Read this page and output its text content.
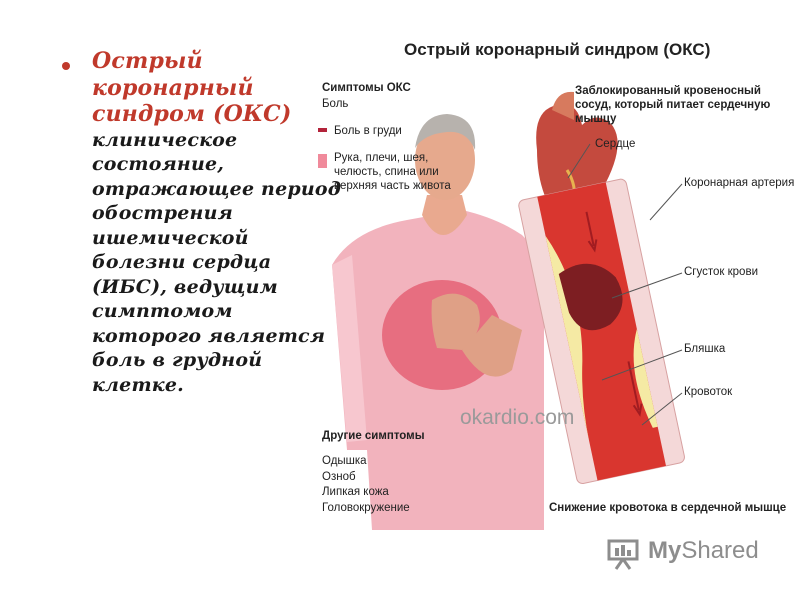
Острый коронарный синдром (ОКС) клиническое состояние, отражающее период обострения ишемической болезни сердца (ИБС), ведущим симптомом которого является боль в грудной клетке.
Острый коронарный синдром (ОКС)
Симптомы ОКС
Боль
Боль в груди
Рука, плечи, шея, челюсть, спина или верхняя часть живота
Другие симптомы
Одышка
Озноб
Липкая кожа
Головокружение
Заблокированный кровеносный сосуд, который питает сердечную мышцу
Сердце
Коронарная артерия
Сгусток крови
Бляшка
Кровоток
okardio.com
Снижение кровотока в сердечной мышце
MyShared
